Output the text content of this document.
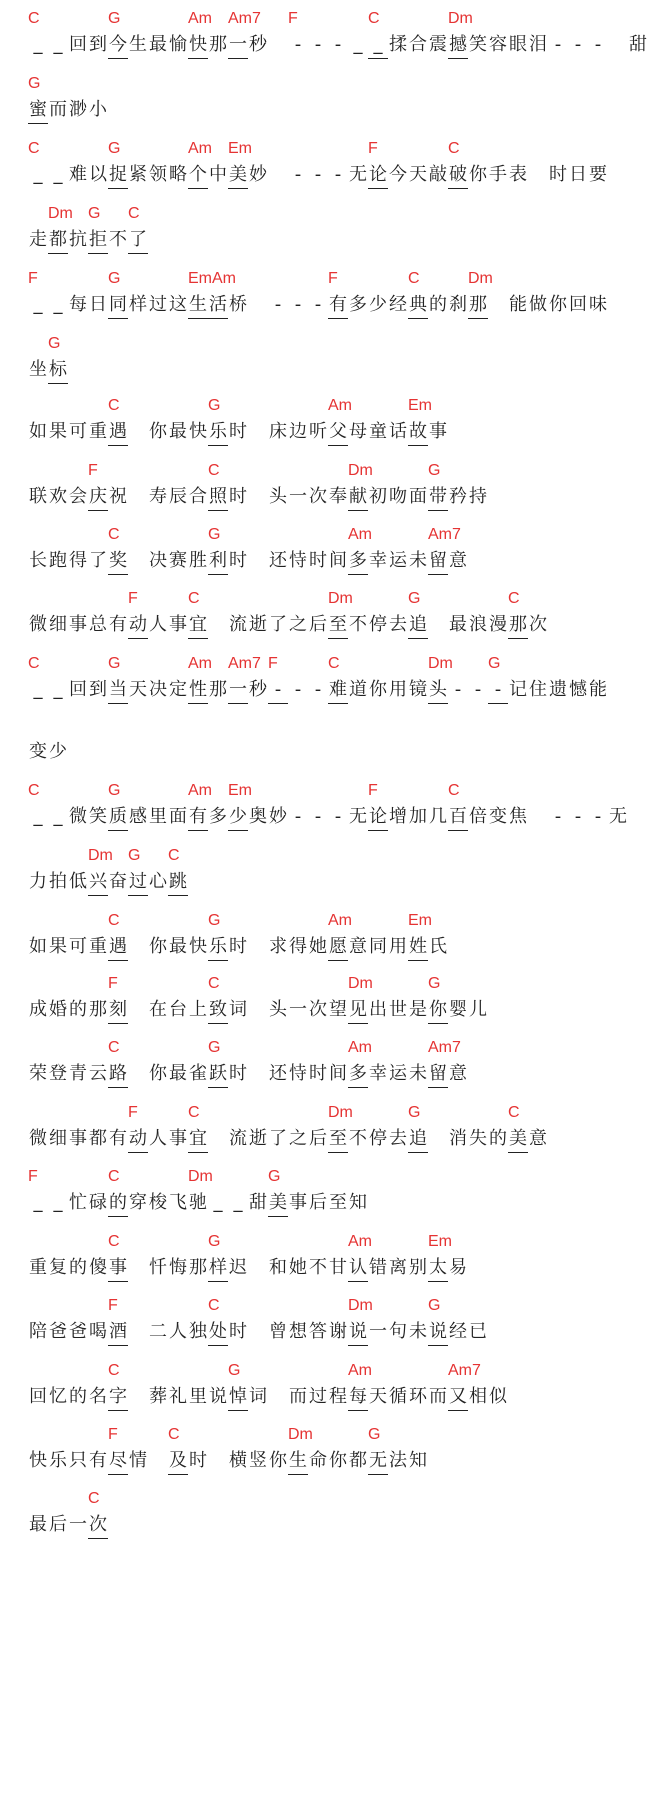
C	G	Am Am7 F	C	Dm
_ _ 回 到 今 生 最 愉 快 那 一 秒 - - - _ _ 揉 合 震 撼 笑 容 眼 泪 - - - 甜
G
蜜 而 渺 小
C	G	Am Em	F	C
_ _ 难 以 捉 紧 领 略 个 中 美 妙 - - - 无 论 今 天 敲 破 你 手 表 时 日 要
Dm G C
走 都 抗 拒 不 了
F	G	EmAm	F	C	Dm
_ _ 每 日 同 样 过 这 生 活 桥 - - - 有 多 少 经 典 的 刹 那 能 做 你 回 味
G
坐 标
C	G	Am	Em
如 果 可 重 遇 你 最 快 乐 时 床 边 听 父 母 童 话 故 事
F	C	Dm	G
联 欢 会 庆 祝 寿 辰 合 照 时 头 一 次 奉 献 初 吻 面 带 矜 持
C	G	Am	Am7
长 跑 得 了 奖 决 赛 胜 利 时 还 恃 时 间 多 幸 运 未 留 意
F	C	Dm	G	C
微 细 事 总 有 动 人 事 宜 流 逝 了 之 后 至 不 停 去 追 最 浪 漫 那 次
C	G	Am Am7 F	C	Dm G
_ _ 回 到 当 天 决 定 性 那 一 秒 - - - 难 道 你 用 镜 头 - - - 记 住 遗 憾 能
变 少
C	G	Am Em	F	C
_ _ 微 笑 质 感 里 面 有 多 少 奥 妙 - - - 无 论 增 加 几 百 倍 变 焦 - - - 无
Dm G C
力 拍 低 兴 奋 过 心 跳
C	G	Am	Em
如 果 可 重 遇 你 最 快 乐 时 求 得 她 愿 意 同 用 姓 氏
F	C	Dm	G
成 婚 的 那 刻 在 台 上 致 词 头 一 次 望 见 出 世 是 你 婴 儿
C	G	Am	Am7
荣 登 青 云 路 你 最 雀 跃 时 还 恃 时 间 多 幸 运 未 留 意
F	C	Dm	G	C
微 细 事 都 有 动 人 事 宜 流 逝 了 之 后 至 不 停 去 追 消 失 的 美 意
F	C	Dm	G
_ _ 忙 碌 的 穿 梭 飞 驰 _ _ 甜 美 事 后 至 知
C	G	Am	Em
重 复 的 傻 事 忏 悔 那 样 迟 和 她 不 甘 认 错 离 别 太 易
F	C	Dm	G
陪 爸 爸 喝 酒 二 人 独 处 时 曾 想 答 谢 说 一 句 未 说 经 已
C	G	Am	Am7
回 忆 的 名 字 葬 礼 里 说 悼 词 而 过 程 每 天 循 环 而 又 相 似
F	C	Dm	G
快 乐 只 有 尽 情 及 时 横 竖 你 生 命 你 都 无 法 知
C
最 后 一 次
